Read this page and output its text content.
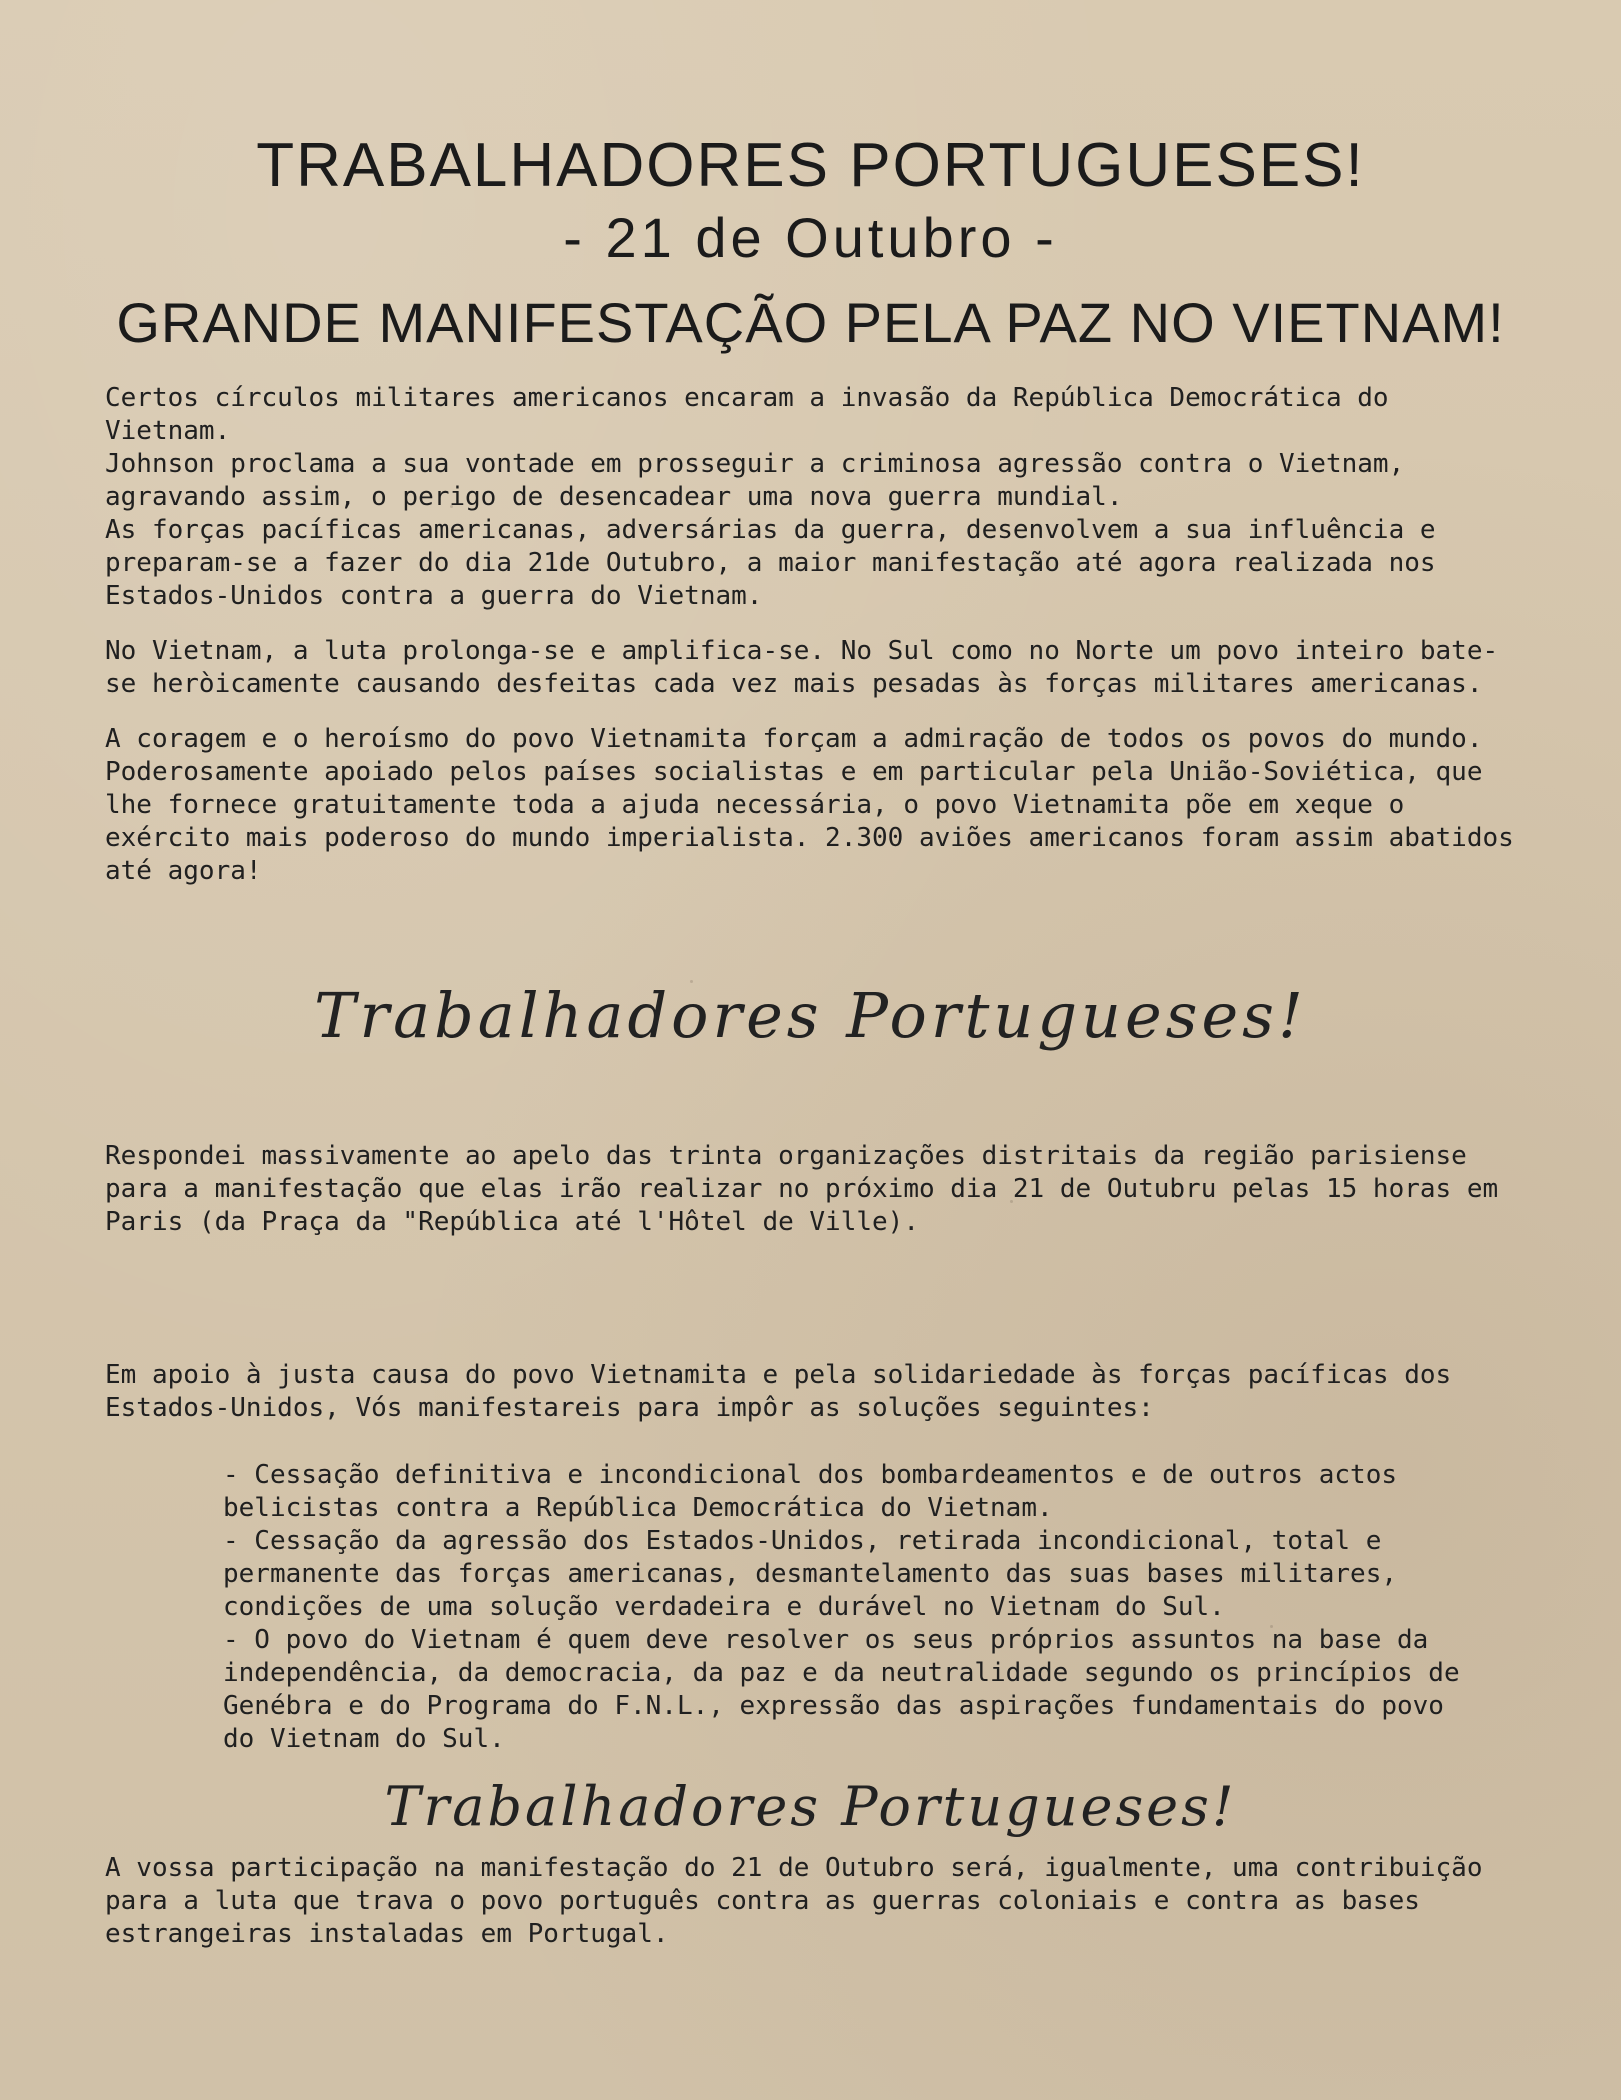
TRABALHADORES PORTUGUESES!
- 21 de Outubro -
GRANDE MANIFESTAÇÃO PELA PAZ NO VIETNAM!

Certos círculos militares americanos encaram a invasão da República Democrática do Vietnam.

Johnson proclama a sua vontade em prosseguir a criminosa agressão contra o Vietnam, agravando assim, o perigo de desencadear uma nova guerra mundial.

As forças pacíficas americanas, adversárias da guerra, desenvolvem a sua influência e preparam-se a fazer do dia 21de Outubro, a maior manifestação até agora realizada nos Estados-Unidos contra a guerra do Vietnam.

No Vietnam, a luta prolonga-se e amplifica-se. No Sul como no Norte um povo inteiro bate-se heròicamente causando desfeitas cada vez mais pesadas às forças militares americanas.

A coragem e o heroísmo do povo Vietnamita forçam a admiração de todos os povos do mundo. Poderosamente apoiado pelos países socialistas e em particular pela União-Soviética, que lhe fornece gratuitamente toda a ajuda necessária, o povo Vietnamita põe em xeque o exército mais poderoso do mundo imperialista. 2.300 aviões americanos foram assim abatidos até agora!

Trabalhadores Portugueses!

Respondei massivamente ao apelo das trinta organizações distritais da região parisiense para a manifestação que elas irão realizar no próximo dia 21 de Outubru pelas 15 horas em Paris (da Praça da "República até l'Hôtel de Ville).

Em apoio à justa causa do povo Vietnamita e pela solidariedade às forças pacíficas dos Estados-Unidos, Vós manifestareis para impôr as soluções seguintes:

- Cessação definitiva e incondicional dos bombardeamentos e de outros actos belicistas contra a República Democrática do Vietnam.

- Cessação da agressão dos Estados-Unidos, retirada incondicional, total e permanente das forças americanas, desmantelamento das suas bases militares, condições de uma solução verdadeira e durável no Vietnam do Sul.

- O povo do Vietnam é quem deve resolver os seus próprios assuntos na base da independência, da democracia, da paz e da neutralidade segundo os princípios de Genébra e do Programa do F.N.L., expressão das aspirações fundamentais do povo do Vietnam do Sul.

Trabalhadores Portugueses!

A vossa participação na manifestação do 21 de Outubro será, igualmente, uma contribuição para a luta que trava o povo português contra as guerras coloniais e contra as bases estrangeiras instaladas em Portugal.
